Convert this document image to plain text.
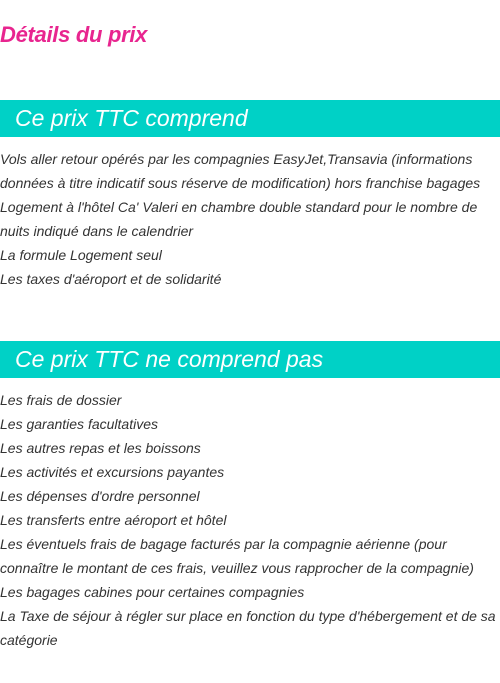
Détails du prix
Ce prix TTC comprend
Vols aller retour opérés par les compagnies EasyJet,Transavia (informations données à titre indicatif sous réserve de modification) hors franchise bagages
Logement à l'hôtel Ca' Valeri en chambre double standard pour le nombre de nuits indiqué dans le calendrier
La formule Logement seul
Les taxes d'aéroport et de solidarité
Ce prix TTC ne comprend pas
Les frais de dossier
Les garanties facultatives
Les autres repas et les boissons
Les activités et excursions payantes
Les dépenses d'ordre personnel
Les transferts entre aéroport et hôtel
Les éventuels frais de bagage facturés par la compagnie aérienne (pour connaître le montant de ces frais, veuillez vous rapprocher de la compagnie)
Les bagages cabines pour certaines compagnies
La Taxe de séjour à régler sur place en fonction du type d'hébergement et de sa catégorie
